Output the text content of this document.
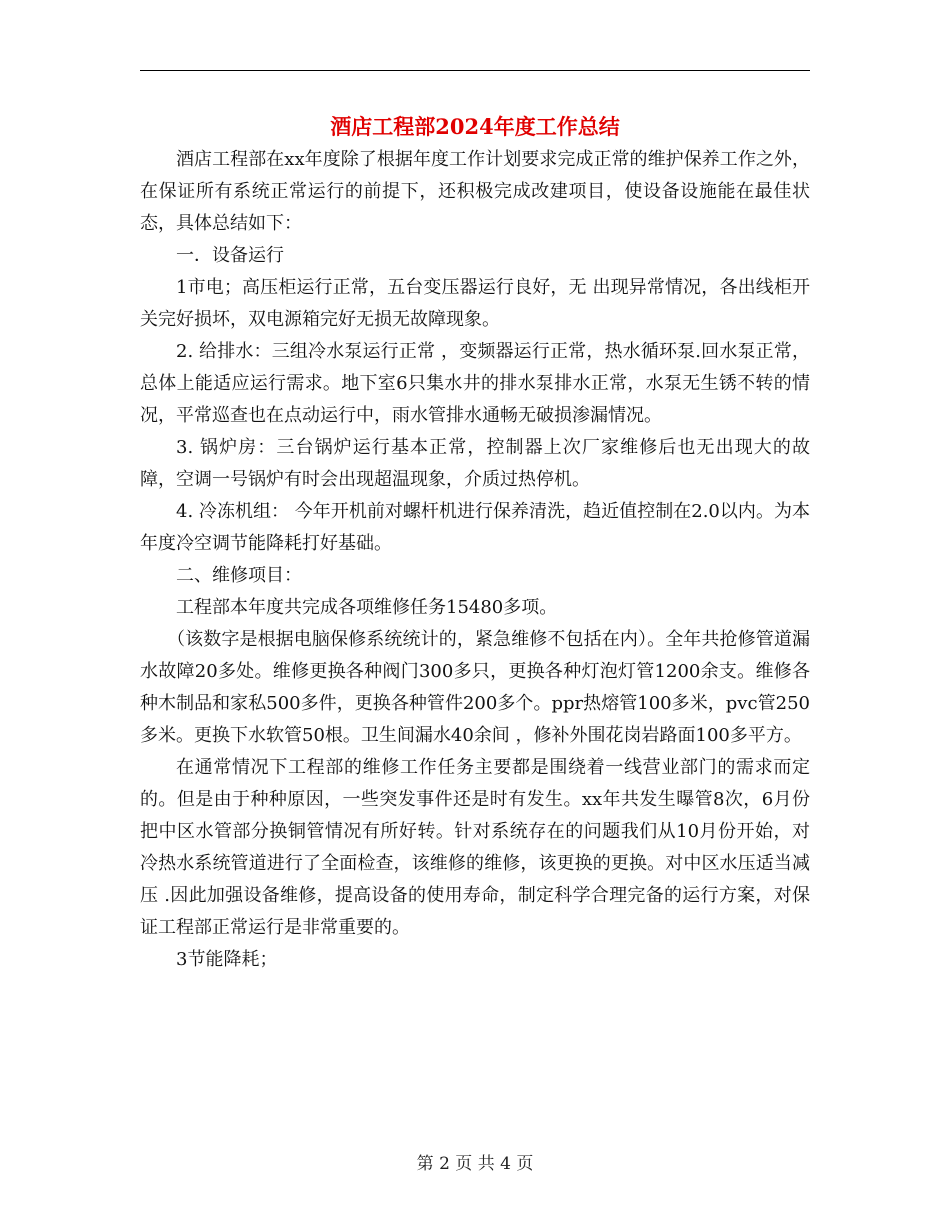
酒店工程部2024年度工作总结

酒店工程部在xx年度除了根据年度工作计划要求完成正常的维护保养工作之外，在保证所有系统正常运行的前提下，还积极完成改建项目，使设备设施能在最佳状态，具体总结如下：

一．设备运行

1市电；高压柜运行正常，五台变压器运行良好，无 出现异常情况，各出线柜开关完好损坏，双电源箱完好无损无故障现象。

2. 给排水：三组冷水泵运行正常 ，变频器运行正常，热水循环泵.回水泵正常，总体上能适应运行需求。地下室6只集水井的排水泵排水正常，水泵无生锈不转的情况，平常巡查也在点动运行中，雨水管排水通畅无破损渗漏情况。

3. 锅炉房：三台锅炉运行基本正常，控制器上次厂家维修后也无出现大的故障，空调一号锅炉有时会出现超温现象，介质过热停机。

4. 冷冻机组： 今年开机前对螺杆机进行保养清洗，趋近值控制在2.0以内。为本年度冷空调节能降耗打好基础。

二、维修项目：

工程部本年度共完成各项维修任务15480多项。

（该数字是根据电脑保修系统统计的，紧急维修不包括在内）。全年共抢修管道漏水故障20多处。维修更换各种阀门300多只，更换各种灯泡灯管1200余支。维修各种木制品和家私500多件，更换各种管件200多个。ppr热熔管100多米，pvc管250多米。更换下水软管50根。卫生间漏水40余间 ，修补外围花岗岩路面100多平方。

在通常情况下工程部的维修工作任务主要都是围绕着一线营业部门的需求而定的。但是由于种种原因，一些突发事件还是时有发生。xx年共发生曝管8次，6月份把中区水管部分换铜管情况有所好转。针对系统存在的问题我们从10月份开始，对冷热水系统管道进行了全面检查，该维修的维修，该更换的更换。对中区水压适当减压 .因此加强设备维修，提高设备的使用寿命，制定科学合理完备的运行方案，对保证工程部正常运行是非常重要的。

3节能降耗；

第 2 页 共 4 页
